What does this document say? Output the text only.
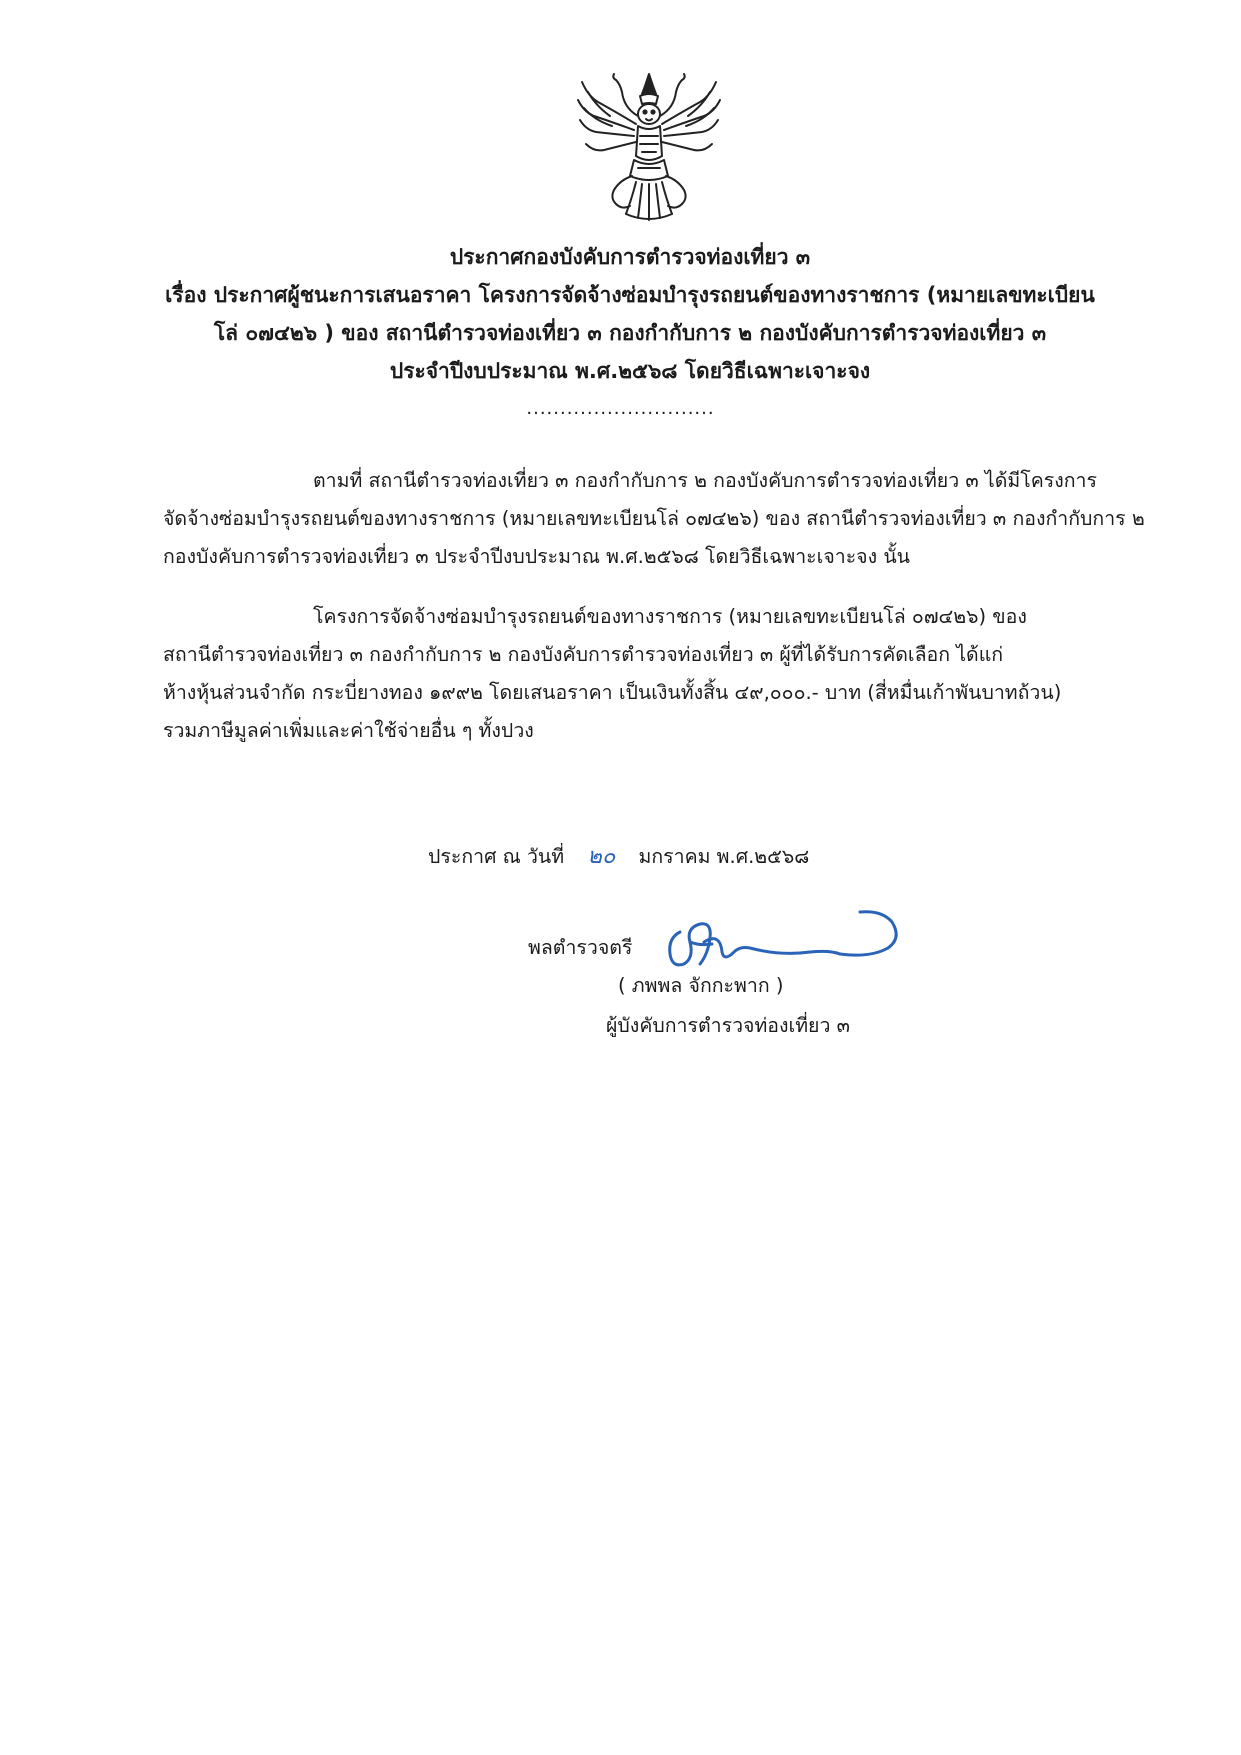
ประกาศกองบังคับการตำรวจท่องเที่ยว ๓
เรื่อง ประกาศผู้ชนะการเสนอราคา โครงการจัดจ้างซ่อมบำรุงรถยนต์ของทางราชการ (หมายเลขทะเบียน
โล่ ๐๗๔๒๖ ) ของ สถานีตำรวจท่องเที่ยว ๓ กองกำกับการ ๒ กองบังคับการตำรวจท่องเที่ยว ๓
ประจำปีงบประมาณ พ.ศ.๒๕๖๘ โดยวิธีเฉพาะเจาะจง
............................
ตามที่ สถานีตำรวจท่องเที่ยว ๓ กองกำกับการ ๒ กองบังคับการตำรวจท่องเที่ยว ๓ ได้มีโครงการ
จัดจ้างซ่อมบำรุงรถยนต์ของทางราชการ (หมายเลขทะเบียนโล่ ๐๗๔๒๖) ของ สถานีตำรวจท่องเที่ยว ๓ กองกำกับการ ๒
กองบังคับการตำรวจท่องเที่ยว ๓ ประจำปีงบประมาณ พ.ศ.๒๕๖๘ โดยวิธีเฉพาะเจาะจง นั้น
โครงการจัดจ้างซ่อมบำรุงรถยนต์ของทางราชการ (หมายเลขทะเบียนโล่ ๐๗๔๒๖) ของ
สถานีตำรวจท่องเที่ยว ๓ กองกำกับการ ๒ กองบังคับการตำรวจท่องเที่ยว ๓ ผู้ที่ได้รับการคัดเลือก ได้แก่
ห้างหุ้นส่วนจำกัด กระบี่ยางทอง ๑๙๙๒ โดยเสนอราคา เป็นเงินทั้งสิ้น ๔๙,๐๐๐.- บาท (สี่หมื่นเก้าพันบาทถ้วน)
รวมภาษีมูลค่าเพิ่มและค่าใช้จ่ายอื่น ๆ ทั้งปวง
ประกาศ ณ วันที่ ๒๐ มกราคม พ.ศ.๒๕๖๘
พลตำรวจตรี
( ภพพล จักกะพาก )
ผู้บังคับการตำรวจท่องเที่ยว ๓
